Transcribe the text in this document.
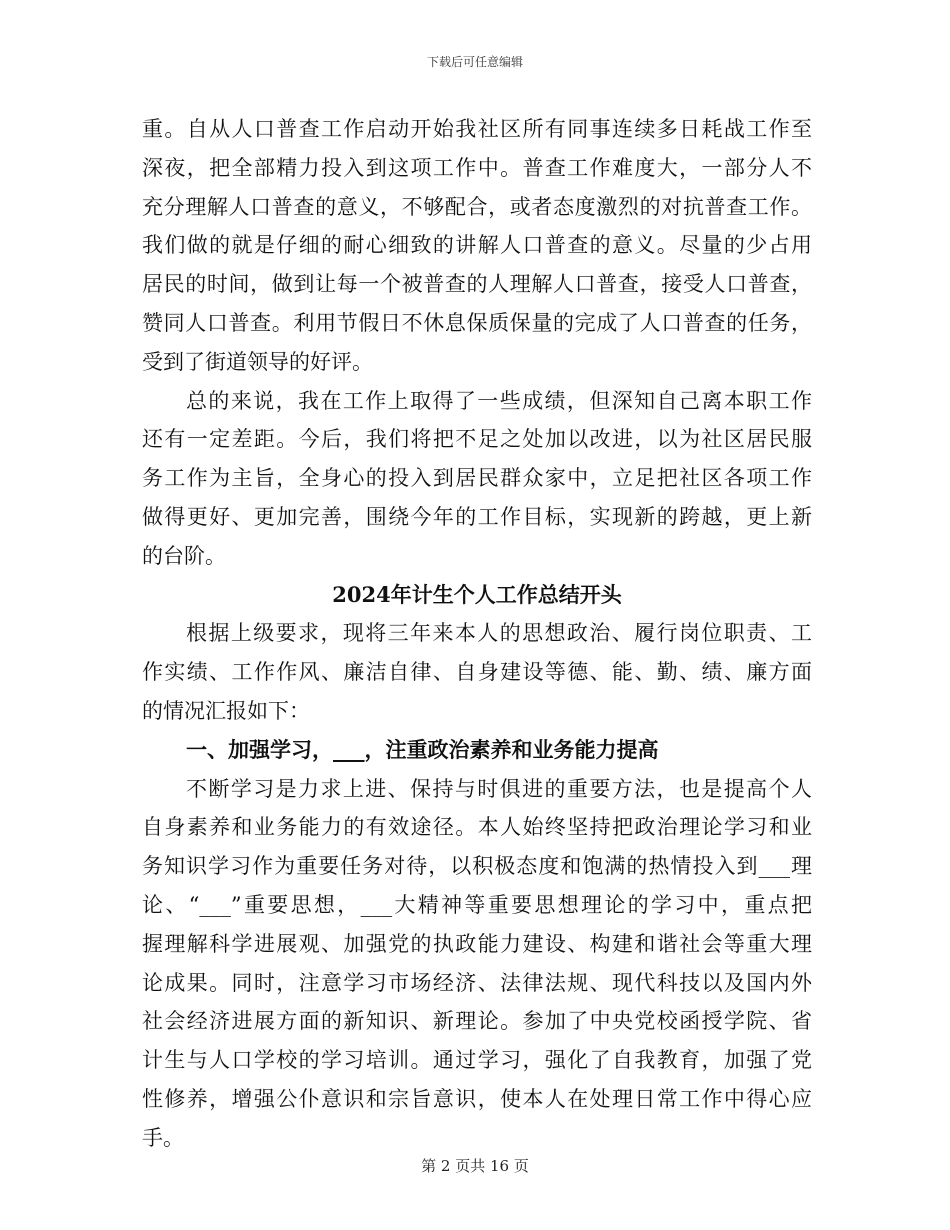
下载后可任意编辑
重。自从人口普查工作启动开始我社区所有同事连续多日耗战工作至
深夜，把全部精力投入到这项工作中。普查工作难度大，一部分人不
充分理解人口普查的意义，不够配合，或者态度激烈的对抗普查工作。
我们做的就是仔细的耐心细致的讲解人口普查的意义。尽量的少占用
居民的时间，做到让每一个被普查的人理解人口普查，接受人口普查，
赞同人口普查。利用节假日不休息保质保量的完成了人口普查的任务，
受到了街道领导的好评。
总的来说，我在工作上取得了一些成绩，但深知自己离本职工作
还有一定差距。今后，我们将把不足之处加以改进，以为社区居民服
务工作为主旨，全身心的投入到居民群众家中，立足把社区各项工作
做得更好、更加完善，围绕今年的工作目标，实现新的跨越，更上新
的台阶。
2024年计生个人工作总结开头
根据上级要求，现将三年来本人的思想政治、履行岗位职责、工
作实绩、工作作风、廉洁自律、自身建设等德、能、勤、绩、廉方面
的情况汇报如下：
一、加强学习，___，注重政治素养和业务能力提高
不断学习是力求上进、保持与时俱进的重要方法，也是提高个人
自身素养和业务能力的有效途径。本人始终坚持把政治理论学习和业
务知识学习作为重要任务对待，以积极态度和饱满的热情投入到___理
论、“___”重要思想，___大精神等重要思想理论的学习中，重点把
握理解科学进展观、加强党的执政能力建设、构建和谐社会等重大理
论成果。同时，注意学习市场经济、法律法规、现代科技以及国内外
社会经济进展方面的新知识、新理论。参加了中央党校函授学院、省
计生与人口学校的学习培训。通过学习，强化了自我教育，加强了党
性修养，增强公仆意识和宗旨意识，使本人在处理日常工作中得心应
手。
第 2 页共 16 页
